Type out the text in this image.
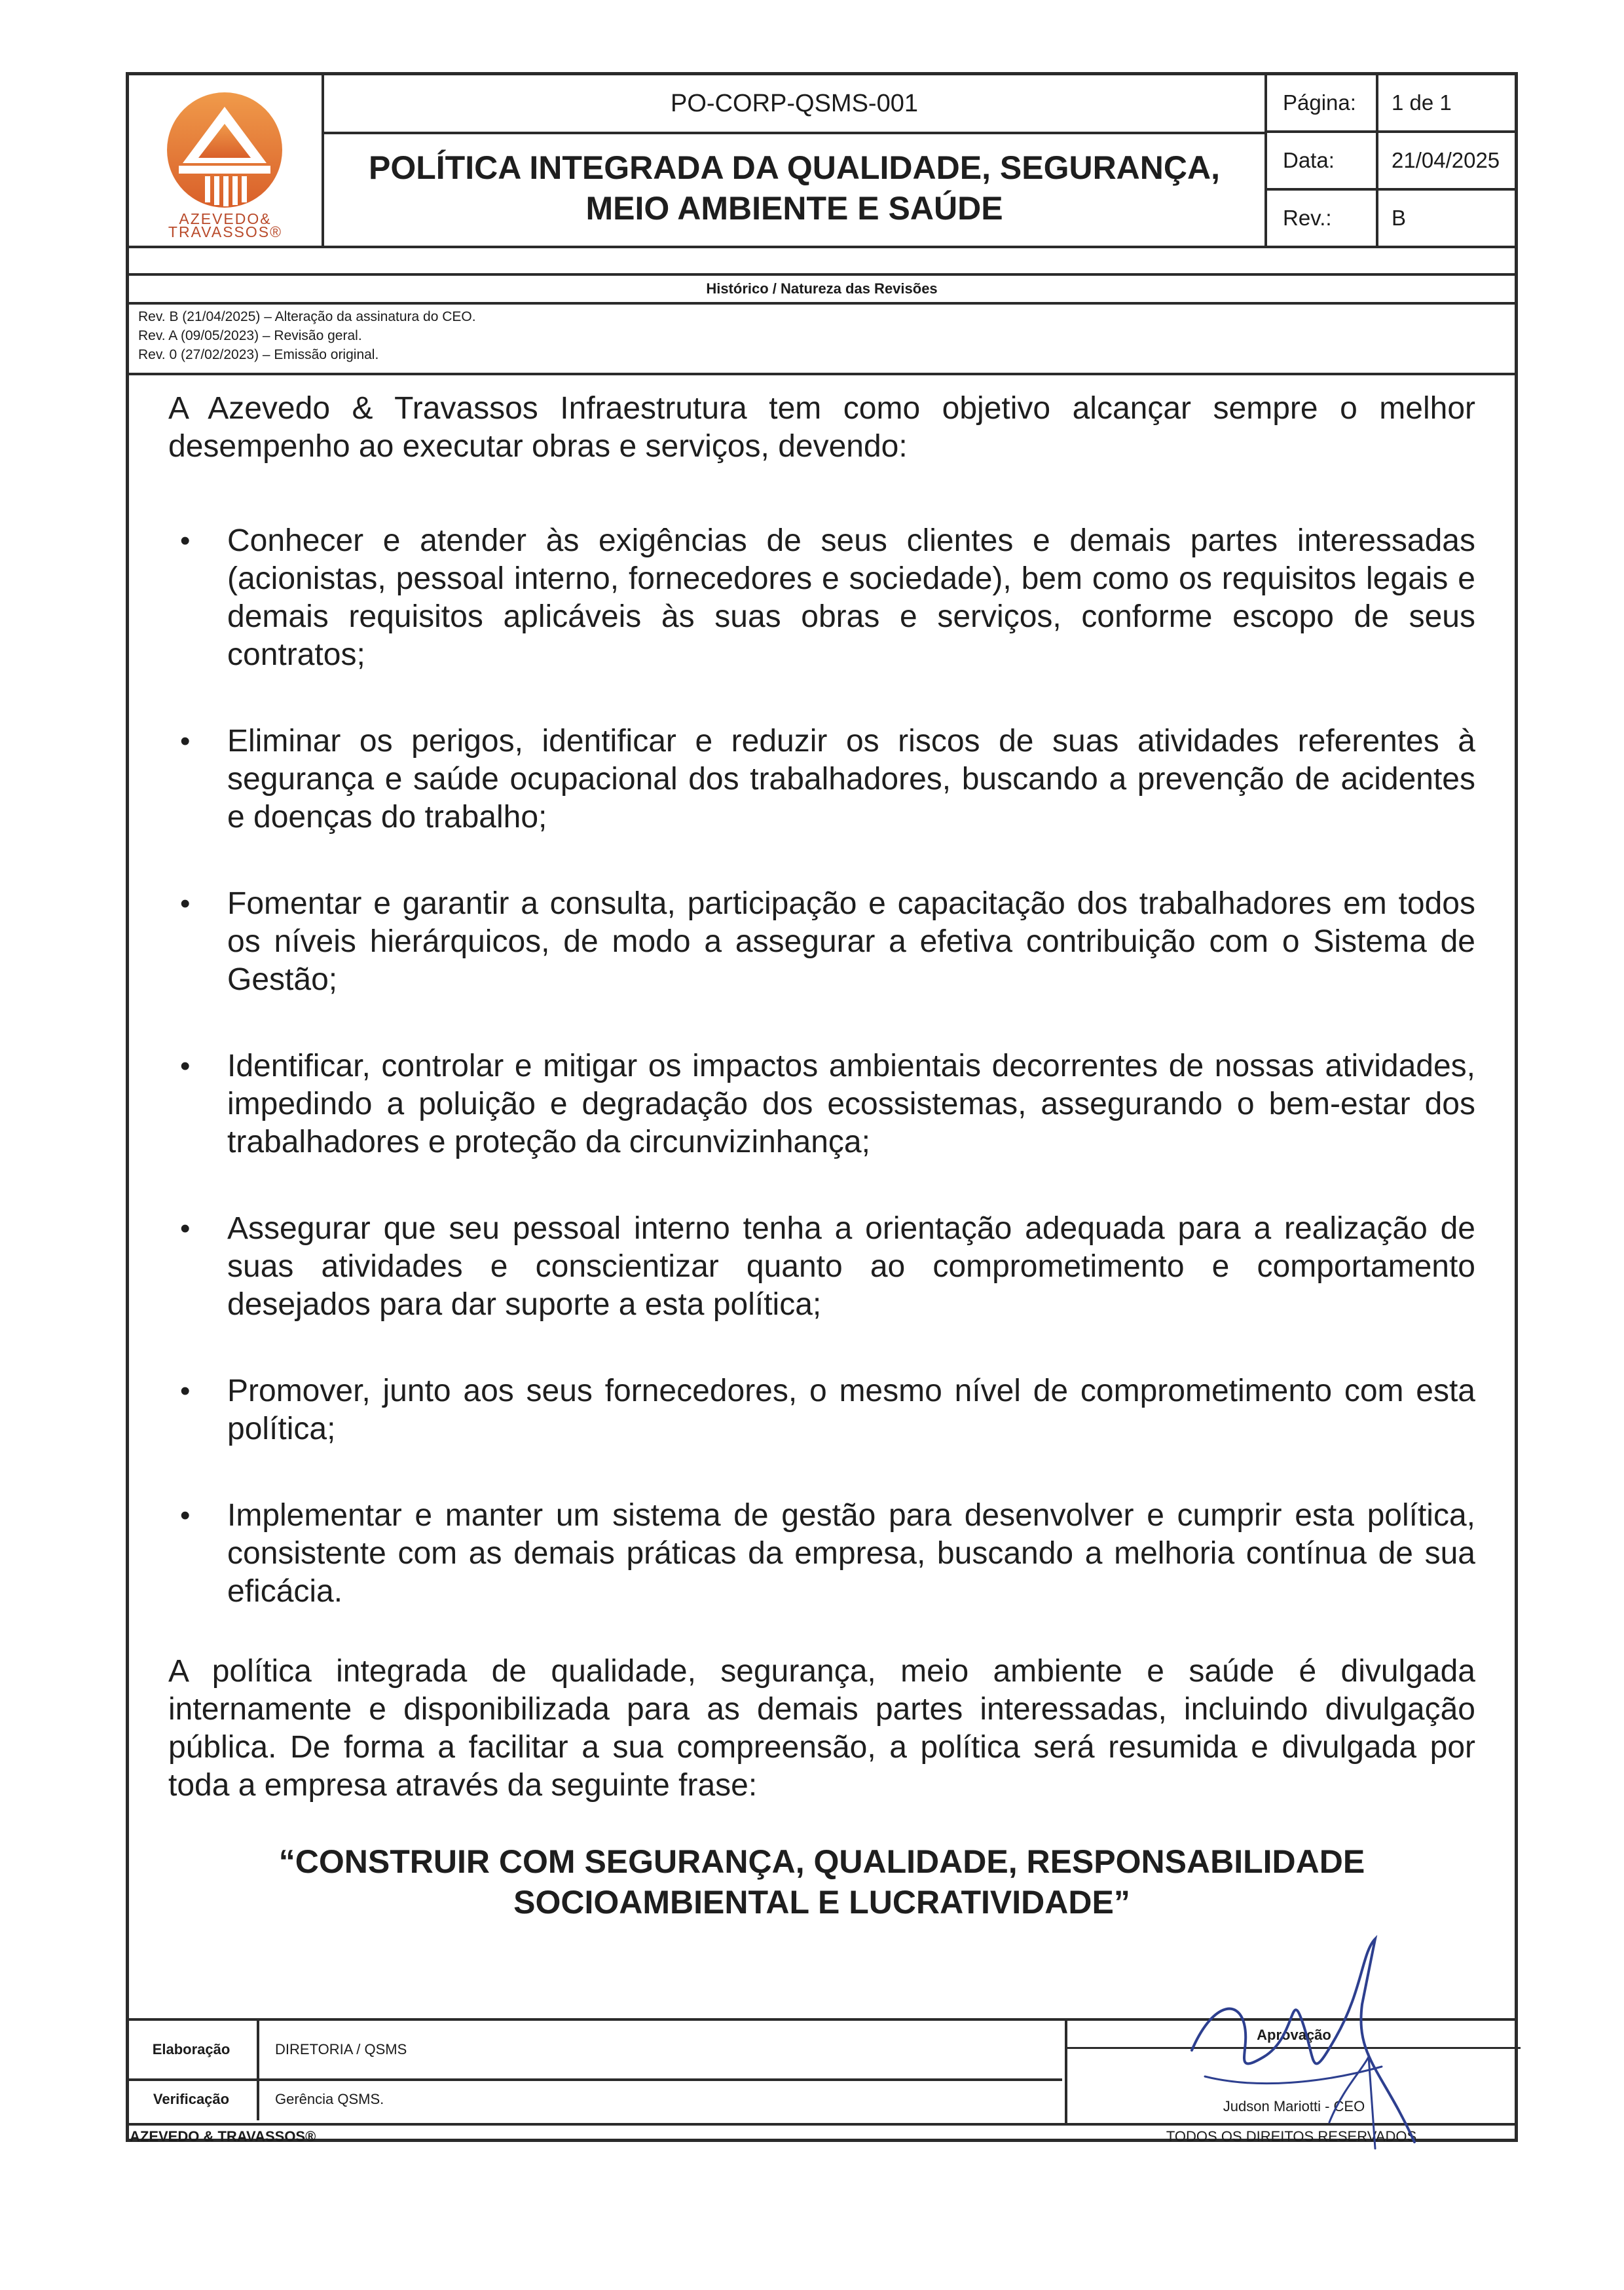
AZEVEDO&
TRAVASSOS®
PO-CORP-QSMS-001
POLÍTICA INTEGRADA DA QUALIDADE, SEGURANÇA,
MEIO AMBIENTE E SAÚDE
Página:	1 de 1
Data:	21/04/2025
Rev.:	B
Histórico / Natureza das Revisões
Rev. B (21/04/2025) – Alteração da assinatura do CEO.
Rev. A (09/05/2023) – Revisão geral.
Rev. 0 (27/02/2023) – Emissão original.
A Azevedo & Travassos Infraestrutura tem como objetivo alcançar sempre o melhor desempenho ao executar obras e serviços, devendo:
• Conhecer e atender às exigências de seus clientes e demais partes interessadas (acionistas, pessoal interno, fornecedores e sociedade), bem como os requisitos legais e demais requisitos aplicáveis às suas obras e serviços, conforme escopo de seus contratos;
• Eliminar os perigos, identificar e reduzir os riscos de suas atividades referentes à segurança e saúde ocupacional dos trabalhadores, buscando a prevenção de acidentes e doenças do trabalho;
• Fomentar e garantir a consulta, participação e capacitação dos trabalhadores em todos os níveis hierárquicos, de modo a assegurar a efetiva contribuição com o Sistema de Gestão;
• Identificar, controlar e mitigar os impactos ambientais decorrentes de nossas atividades, impedindo a poluição e degradação dos ecossistemas, assegurando o bem-estar dos trabalhadores e proteção da circunvizinhança;
• Assegurar que seu pessoal interno tenha a orientação adequada para a realização de suas atividades e conscientizar quanto ao comprometimento e comportamento desejados para dar suporte a esta política;
• Promover, junto aos seus fornecedores, o mesmo nível de comprometimento com esta política;
• Implementar e manter um sistema de gestão para desenvolver e cumprir esta política, consistente com as demais práticas da empresa, buscando a melhoria contínua de sua eficácia.
A política integrada de qualidade, segurança, meio ambiente e saúde é divulgada internamente e disponibilizada para as demais partes interessadas, incluindo divulgação pública. De forma a facilitar a sua compreensão, a política será resumida e divulgada por toda a empresa através da seguinte frase:
“CONSTRUIR COM SEGURANÇA, QUALIDADE, RESPONSABILIDADE
SOCIOAMBIENTAL E LUCRATIVIDADE”
Elaboração	DIRETORIA / QSMS
Verificação	Gerência QSMS.
Aprovação
Judson Mariotti - CEO
AZEVEDO & TRAVASSOS®	TODOS OS DIREITOS RESERVADOS
